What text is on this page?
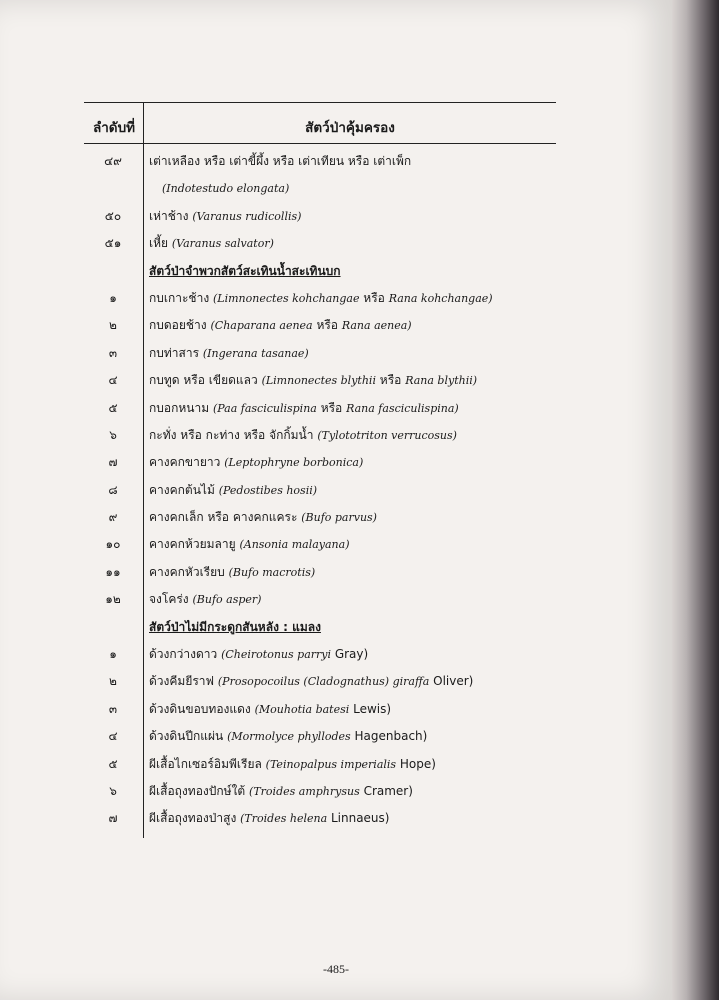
ลำดับที่	สัตว์ป่าคุ้มครอง
๔๙	เต่าเหลือง หรือ เต่าขี้ผึ้ง หรือ เต่าเทียน หรือ เต่าเพ็ก
(Indotestudo elongata)
๕๐	เห่าช้าง (Varanus rudicollis)
๕๑	เหี้ย (Varanus salvator)
สัตว์ป่าจำพวกสัตว์สะเทินน้ำสะเทินบก
๑	กบเกาะช้าง (Limnonectes kohchangae หรือ Rana kohchangae)
๒	กบดอยช้าง (Chaparana aenea หรือ Rana aenea)
๓	กบท่าสาร (Ingerana tasanae)
๔	กบทูด หรือ เขียดแลว (Limnonectes blythii หรือ Rana blythii)
๕	กบอกหนาม (Paa fasciculispina หรือ Rana fasciculispina)
๖	กะทั่ง หรือ กะท่าง หรือ จักกิ้มน้ำ (Tylototriton verrucosus)
๗	คางคกขายาว (Leptophryne borbonica)
๘	คางคกต้นไม้ (Pedostibes hosii)
๙	คางคกเล็ก หรือ คางคกแคระ (Bufo parvus)
๑๐	คางคกห้วยมลายู (Ansonia malayana)
๑๑	คางคกหัวเรียบ (Bufo macrotis)
๑๒	จงโคร่ง (Bufo asper)
สัตว์ป่าไม่มีกระดูกสันหลัง : แมลง
๑	ด้วงกว่างดาว (Cheirotonus parryi Gray)
๒	ด้วงคีมยีราฟ (Prosopocoilus (Cladognathus) giraffa Oliver)
๓	ด้วงดินขอบทองแดง (Mouhotia batesi Lewis)
๔	ด้วงดินปีกแผ่น (Mormolyce phyllodes Hagenbach)
๕	ผีเสื้อไกเซอร์อิมพีเรียล (Teinopalpus imperialis Hope)
๖	ผีเสื้อถุงทองปักษ์ใต้ (Troides amphrysus Cramer)
๗	ผีเสื้อถุงทองป่าสูง (Troides helena Linnaeus)
-485-
